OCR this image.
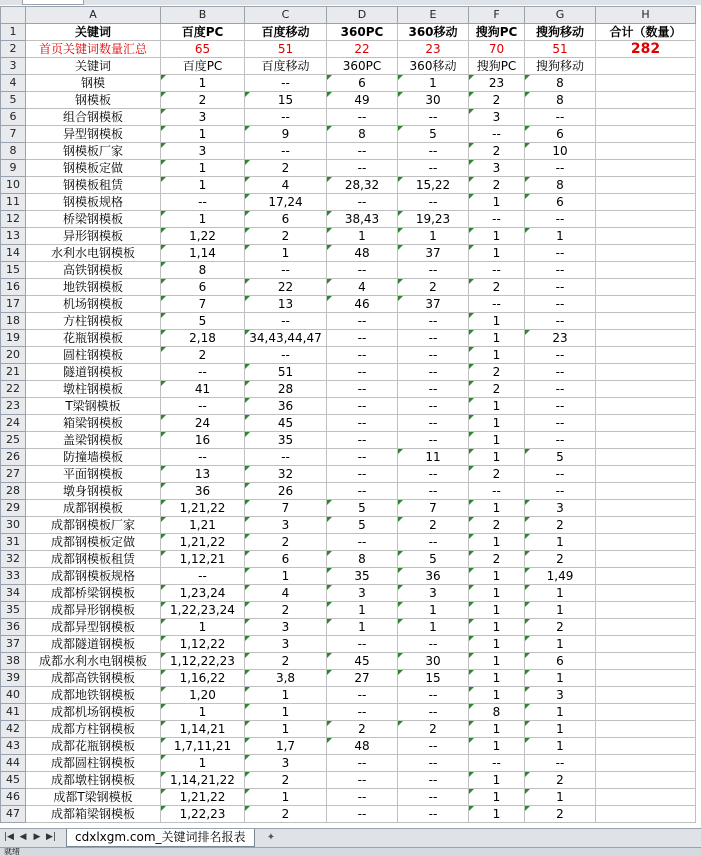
	A	B	C	D	E	F	G	H
1	关键词	百度PC	百度移动	360PC	360移动	搜狗PC	搜狗移动	合计（数量）
2	首页关键词数量汇总	65	51	22	23	70	51	282
3	关键词	百度PC	百度移动	360PC	360移动	搜狗PC	搜狗移动	
4	钢模	1	--	6	1	23	8	
5	钢模板	2	15	49	30	2	8	
6	组合钢模板	3	--	--	--	3	--	
7	异型钢模板	1	9	8	5	--	6	
8	钢模板厂家	3	--	--	--	2	10	
9	钢模板定做	1	2	--	--	3	--	
10	钢模板租赁	1	4	28,32	15,22	2	8	
11	钢模板规格	--	17,24	--	--	1	6	
12	桥梁钢模板	1	6	38,43	19,23	--	--	
13	异形钢模板	1,22	2	1	1	1	1	
14	水利水电钢模板	1,14	1	48	37	1	--	
15	高铁钢模板	8	--	--	--	--	--	
16	地铁钢模板	6	22	4	2	2	--	
17	机场钢模板	7	13	46	37	--	--	
18	方柱钢模板	5	--	--	--	1	--	
19	花瓶钢模板	2,18	34,43,44,47	--	--	1	23	
20	圆柱钢模板	2	--	--	--	1	--	
21	隧道钢模板	--	51	--	--	2	--	
22	墩柱钢模板	41	28	--	--	2	--	
23	T梁钢模板	--	36	--	--	1	--	
24	箱梁钢模板	24	45	--	--	1	--	
25	盖梁钢模板	16	35	--	--	1	--	
26	防撞墙模板	--	--	--	11	1	5	
27	平面钢模板	13	32	--	--	2	--	
28	墩身钢模板	36	26	--	--	--	--	
29	成都钢模板	1,21,22	7	5	7	1	3	
30	成都钢模板厂家	1,21	3	5	2	2	2	
31	成都钢模板定做	1,21,22	2	--	--	1	1	
32	成都钢模板租赁	1,12,21	6	8	5	2	2	
33	成都钢模板规格	--	1	35	36	1	1,49	
34	成都桥梁钢模板	1,23,24	4	3	3	1	1	
35	成都异形钢模板	1,22,23,24	2	1	1	1	1	
36	成都异型钢模板	1	3	1	1	1	2	
37	成都隧道钢模板	1,12,22	3	--	--	1	1	
38	成都水利水电钢模板	1,12,22,23	2	45	30	1	6	
39	成都高铁钢模板	1,16,22	3,8	27	15	1	1	
40	成都地铁钢模板	1,20	1	--	--	1	3	
41	成都机场钢模板	1	1	--	--	8	1	
42	成都方柱钢模板	1,14,21	1	2	2	1	1	
43	成都花瓶钢模板	1,7,11,21	1,7	48	--	1	1	
44	成都圆柱钢模板	1	3	--	--	--	--	
45	成都墩柱钢模板	1,14,21,22	2	--	--	1	2	
46	成都T梁钢模板	1,21,22	1	--	--	1	1	
47	成都箱梁钢模板	1,22,23	2	--	--	1	2	
|◀ ◀ ▶ ▶|	cdxlxgm.com_关键词排名报表	✦
就绪
